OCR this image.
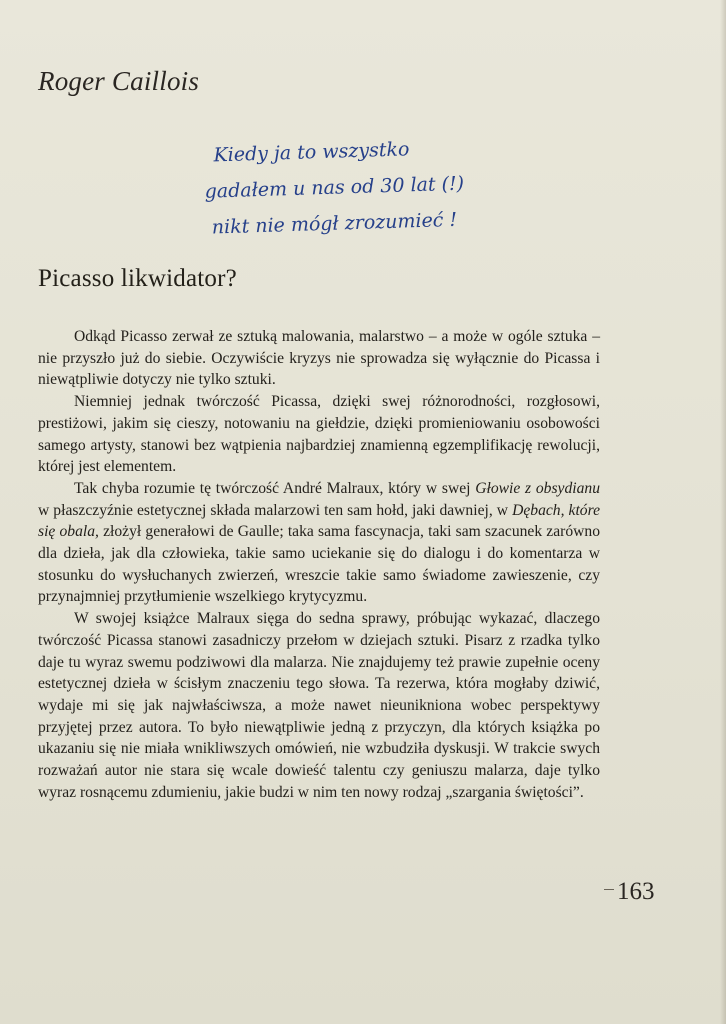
Roger Caillois
Kiedy ja to wszystko
gadałem u nas od 30 lat (!)
nikt nie mógł zrozumieć !
Picasso likwidator?

Odkąd Picasso zerwał ze sztuką malowania, malarstwo – a może w ogóle sztuka – nie przyszło już do siebie. Oczywiście kryzys nie sprowadza się wyłącznie do Picassa i niewątpliwie dotyczy nie tylko sztuki.

Niemniej jednak twórczość Picassa, dzięki swej różnorodności, rozgłosowi, prestiżowi, jakim się cieszy, notowaniu na giełdzie, dzięki promieniowaniu osobowości samego artysty, stanowi bez wątpienia najbardziej znamienną egzemplifikację rewolucji, której jest elementem.

Tak chyba rozumie tę twórczość André Malraux, który w swej Głowie z obsydianu w płaszczyźnie estetycznej składa malarzowi ten sam hołd, jaki dawniej, w Dębach, które się obala, złożył generałowi de Gaulle; taka sama fascynacja, taki sam szacunek zarówno dla dzieła, jak dla człowieka, takie samo uciekanie się do dialogu i do komentarza w stosunku do wysłuchanych zwierzeń, wreszcie takie samo świadome zawieszenie, czy przynajmniej przytłumienie wszelkiego krytycyzmu.

W swojej książce Malraux sięga do sedna sprawy, próbując wykazać, dlaczego twórczość Picassa stanowi zasadniczy przełom w dziejach sztuki. Pisarz z rzadka tylko daje tu wyraz swemu podziwowi dla malarza. Nie znajdujemy też prawie zupełnie oceny estetycznej dzieła w ścisłym znaczeniu tego słowa. Ta rezerwa, która mogłaby dziwić, wydaje mi się jak najwłaściwsza, a może nawet nieunikniona wobec perspektywy przyjętej przez autora. To było niewątpliwie jedną z przyczyn, dla których książka po ukazaniu się nie miała wnikliwszych omówień, nie wzbudziła dyskusji. W trakcie swych rozważań autor nie stara się wcale dowieść talentu czy geniuszu malarza, daje tylko wyraz rosnącemu zdumieniu, jakie budzi w nim ten nowy rodzaj „szargania świętości”.

163
